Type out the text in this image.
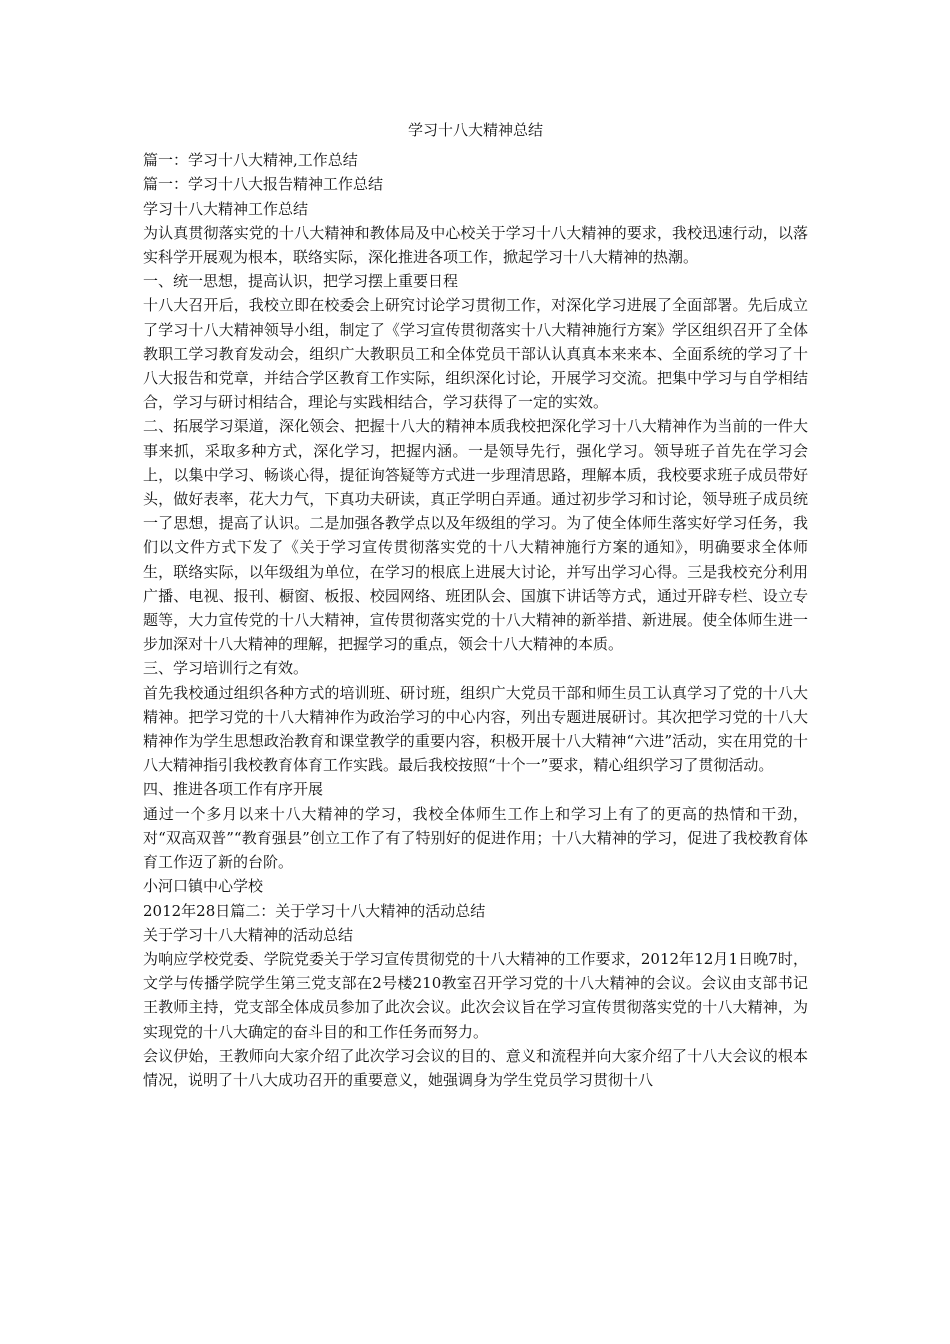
学习十八大精神总结

篇一：学习十八大精神,工作总结

篇一：学习十八大报告精神工作总结

学习十八大精神工作总结

为认真贯彻落实党的十八大精神和教体局及中心校关于学习十八大精神的要求，我校迅速行动，以落实科学开展观为根本，联络实际，深化推进各项工作，掀起学习十八大精神的热潮。

一、统一思想，提高认识，把学习摆上重要日程

十八大召开后，我校立即在校委会上研究讨论学习贯彻工作，对深化学习进展了全面部署。先后成立了学习十八大精神领导小组，制定了《学习宣传贯彻落实十八大精神施行方案》学区组织召开了全体教职工学习教育发动会，组织广大教职员工和全体党员干部认认真真本来来本、全面系统的学习了十八大报告和党章，并结合学区教育工作实际，组织深化讨论，开展学习交流。把集中学习与自学相结合，学习与研讨相结合，理论与实践相结合，学习获得了一定的实效。

二、拓展学习渠道，深化领会、把握十八大的精神本质我校把深化学习十八大精神作为当前的一件大事来抓，采取多种方式，深化学习，把握内涵。一是领导先行，强化学习。领导班子首先在学习会上，以集中学习、畅谈心得，提征询答疑等方式进一步理清思路，理解本质，我校要求班子成员带好头，做好表率，花大力气，下真功夫研读，真正学明白弄通。通过初步学习和讨论，领导班子成员统一了思想，提高了认识。二是加强各教学点以及年级组的学习。为了使全体师生落实好学习任务，我们以文件方式下发了《关于学习宣传贯彻落实党的十八大精神施行方案的通知》，明确要求全体师生，联络实际，以年级组为单位，在学习的根底上进展大讨论，并写出学习心得。三是我校充分利用广播、电视、报刊、橱窗、板报、校园网络、班团队会、国旗下讲话等方式，通过开辟专栏、设立专题等，大力宣传党的十八大精神，宣传贯彻落实党的十八大精神的新举措、新进展。使全体师生进一步加深对十八大精神的理解，把握学习的重点，领会十八大精神的本质。

三、学习培训行之有效。

首先我校通过组织各种方式的培训班、研讨班，组织广大党员干部和师生员工认真学习了党的十八大精神。把学习党的十八大精神作为政治学习的中心内容，列出专题进展研讨。其次把学习党的十八大精神作为学生思想政治教育和课堂教学的重要内容，积极开展十八大精神“六进”活动，实在用党的十八大精神指引我校教育体育工作实践。最后我校按照“十个一”要求，精心组织学习了贯彻活动。

四、推进各项工作有序开展

通过一个多月以来十八大精神的学习，我校全体师生工作上和学习上有了的更高的热情和干劲，对“双高双普”“教育强县”创立工作了有了特别好的促进作用；十八大精神的学习，促进了我校教育体育工作迈了新的台阶。

小河口镇中心学校

2012年28日篇二：关于学习十八大精神的活动总结

关于学习十八大精神的活动总结

为响应学校党委、学院党委关于学习宣传贯彻党的十八大精神的工作要求，2012年12月1日晚7时，文学与传播学院学生第三党支部在2号楼210教室召开学习党的十八大精神的会议。会议由支部书记王教师主持，党支部全体成员参加了此次会议。此次会议旨在学习宣传贯彻落实党的十八大精神，为实现党的十八大确定的奋斗目的和工作任务而努力。

会议伊始，王教师向大家介绍了此次学习会议的目的、意义和流程并向大家介绍了十八大会议的根本情况，说明了十八大成功召开的重要意义，她强调身为学生党员学习贯彻十八
